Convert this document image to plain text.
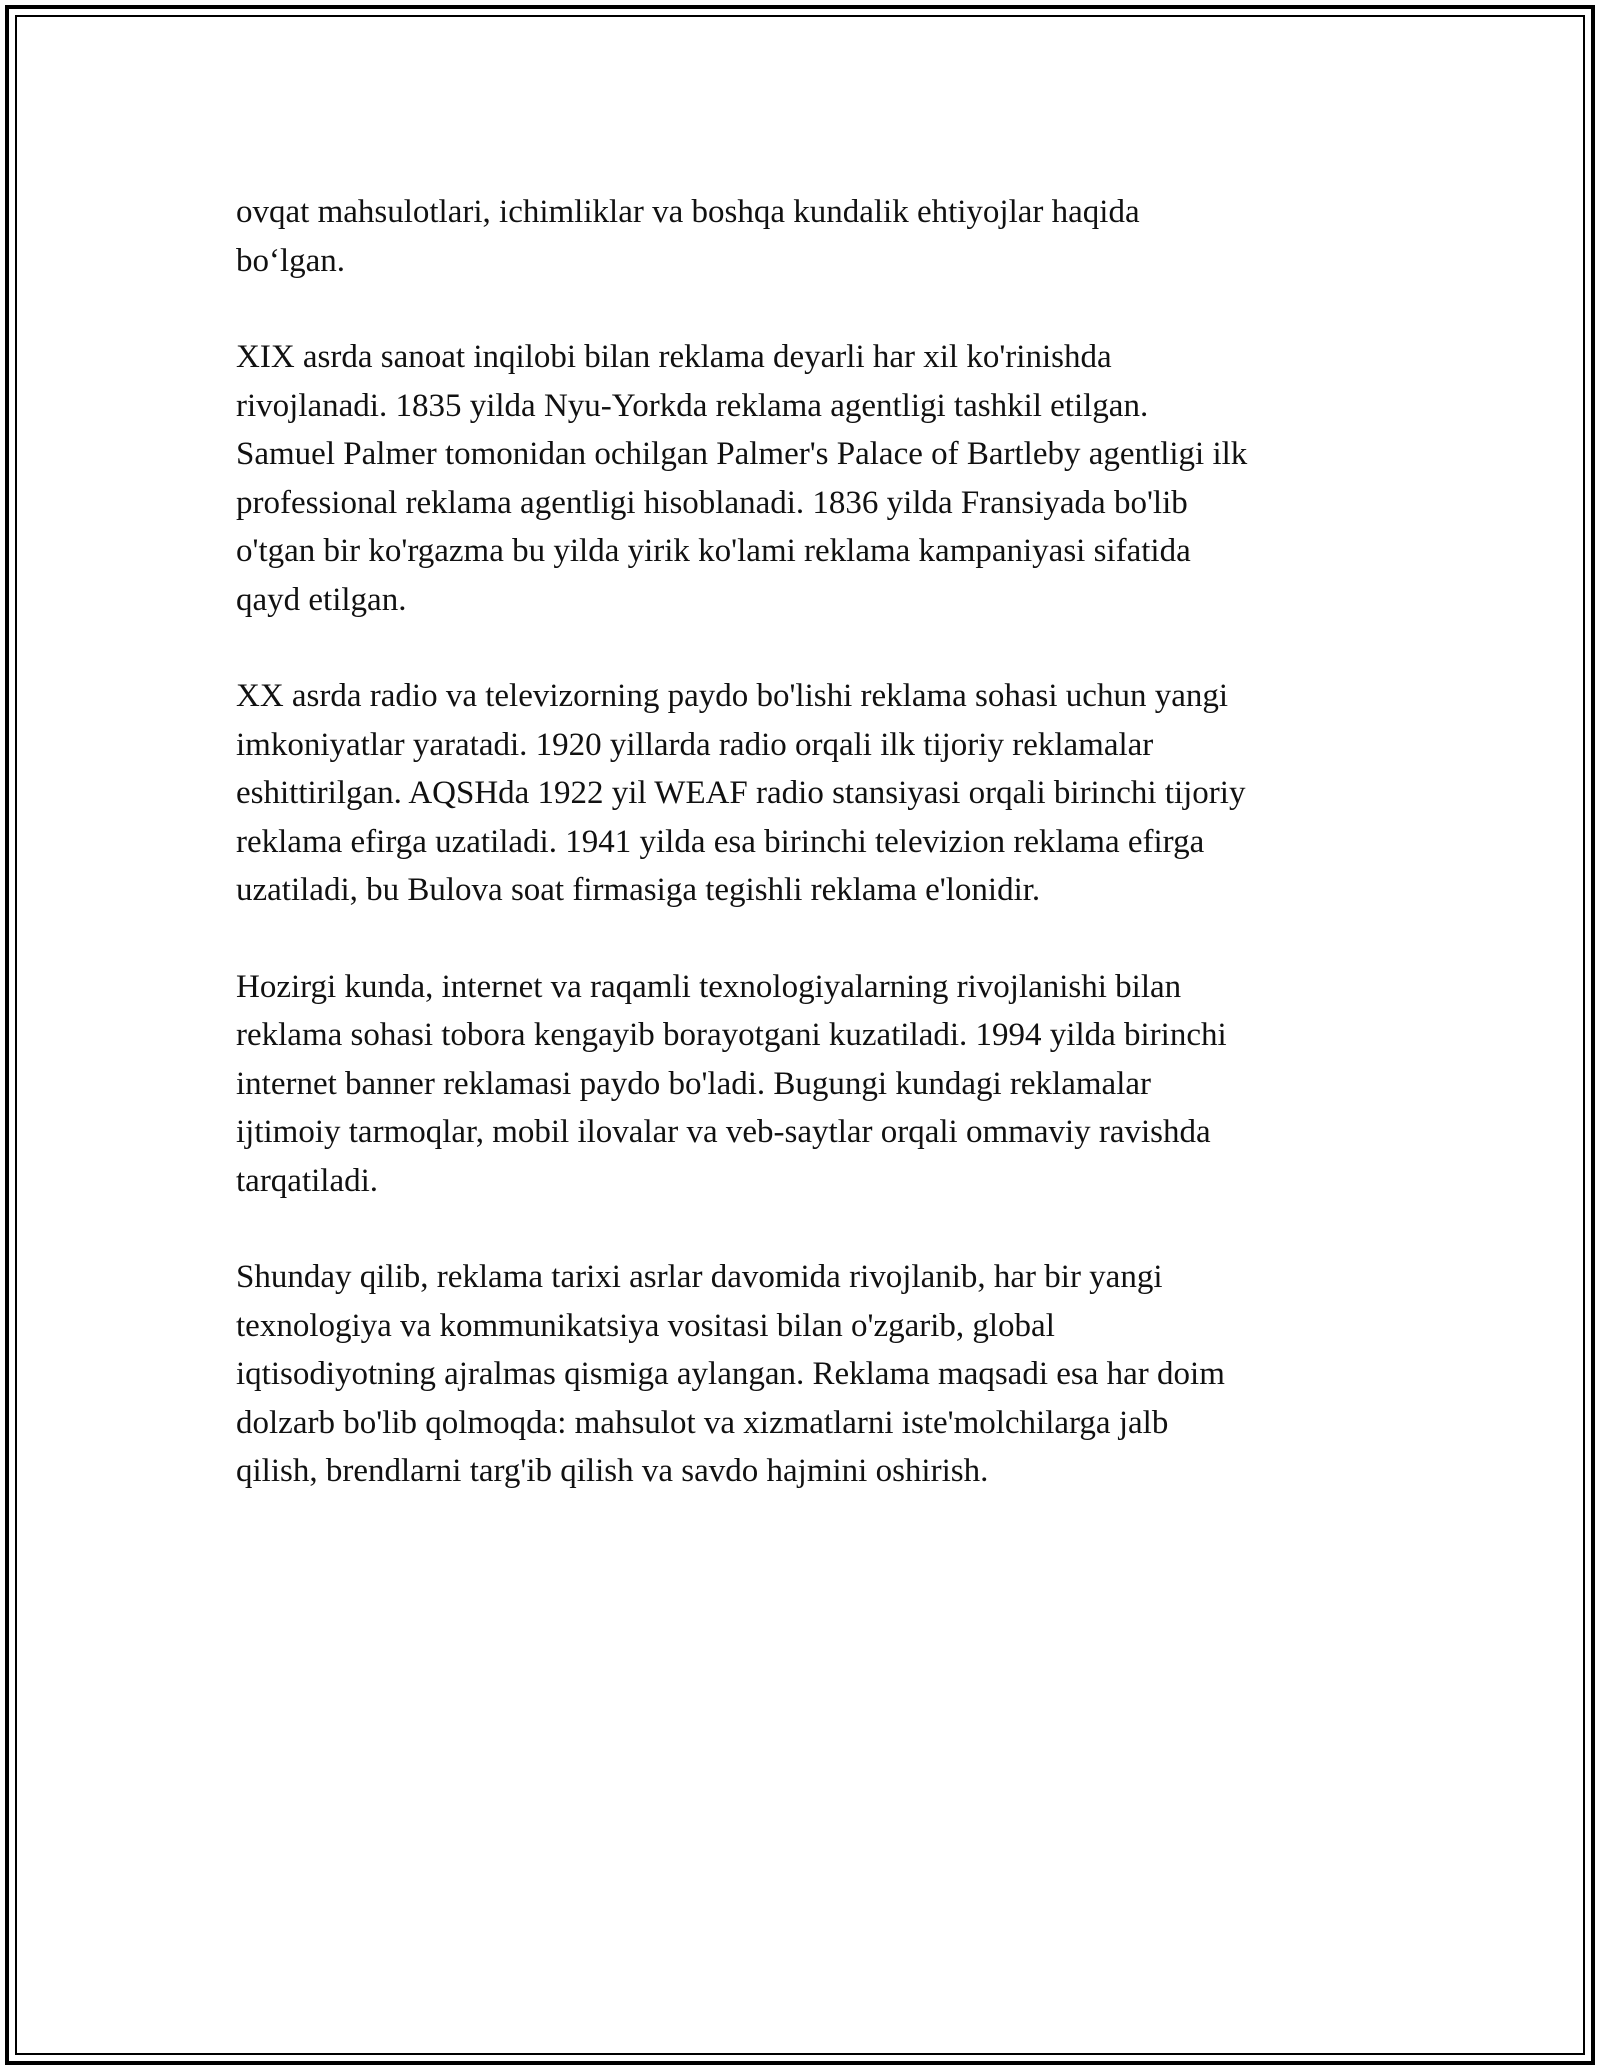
ovqat mahsulotlari, ichimliklar va boshqa kundalik ehtiyojlar haqida
bo‘lgan.

XIX asrda sanoat inqilobi bilan reklama deyarli har xil ko'rinishda
rivojlanadi. 1835 yilda Nyu-Yorkda reklama agentligi tashkil etilgan.
Samuel Palmer tomonidan ochilgan Palmer's Palace of Bartleby agentligi ilk
professional reklama agentligi hisoblanadi. 1836 yilda Fransiyada bo'lib
o'tgan bir ko'rgazma bu yilda yirik ko'lami reklama kampaniyasi sifatida
qayd etilgan.

XX asrda radio va televizorning paydo bo'lishi reklama sohasi uchun yangi
imkoniyatlar yaratadi. 1920 yillarda radio orqali ilk tijoriy reklamalar
eshittirilgan. AQSHda 1922 yil WEAF radio stansiyasi orqali birinchi tijoriy
reklama efirga uzatiladi. 1941 yilda esa birinchi televizion reklama efirga
uzatiladi, bu Bulova soat firmasiga tegishli reklama e'lonidir.

Hozirgi kunda, internet va raqamli texnologiyalarning rivojlanishi bilan
reklama sohasi tobora kengayib borayotgani kuzatiladi. 1994 yilda birinchi
internet banner reklamasi paydo bo'ladi. Bugungi kundagi reklamalar
ijtimoiy tarmoqlar, mobil ilovalar va veb-saytlar orqali ommaviy ravishda
tarqatiladi.

Shunday qilib, reklama tarixi asrlar davomida rivojlanib, har bir yangi
texnologiya va kommunikatsiya vositasi bilan o'zgarib, global
iqtisodiyotning ajralmas qismiga aylangan. Reklama maqsadi esa har doim
dolzarb bo'lib qolmoqda: mahsulot va xizmatlarni iste'molchilarga jalb
qilish, brendlarni targ'ib qilish va savdo hajmini oshirish.
